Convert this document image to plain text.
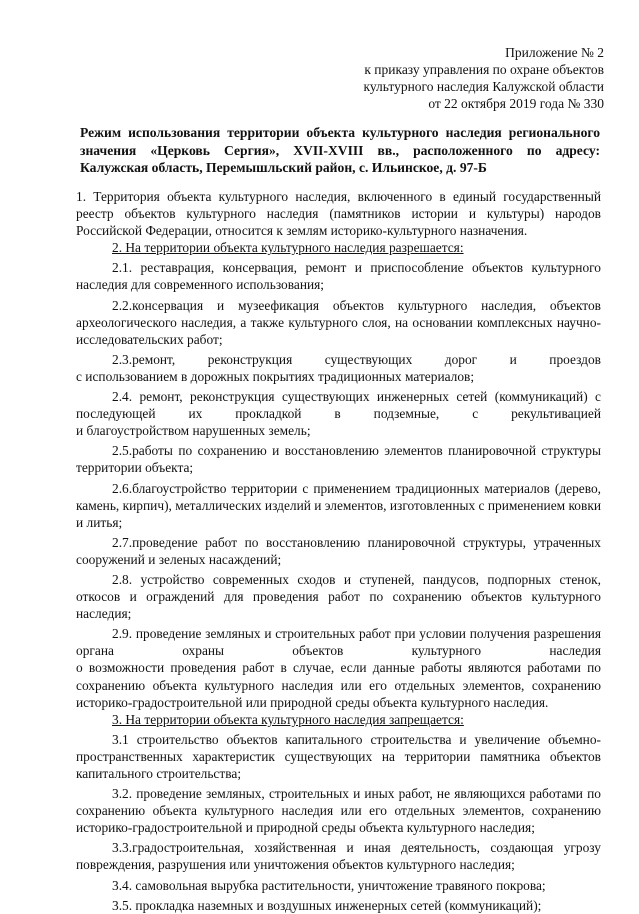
Приложение № 2
к приказу управления по охране объектов
культурного наследия Калужской области
от 22 октября 2019 года № 330
Режим использования территории объекта культурного наследия регионального
значения «Церковь Сергия», XVII-XVIII вв., расположенного по адресу:
Калужская область, Перемышльский район, с. Ильинское, д. 97-Б

1. Территория объекта культурного наследия, включенного в единый государственный реестр объектов культурного наследия (памятников истории и культуры) народов Российской Федерации, относится к землям историко-культурного назначения.

2. На территории объекта культурного наследия разрешается:

2.1. реставрация, консервация, ремонт и приспособление объектов культурного наследия для современного использования;

2.2.консервация и музеефикация объектов культурного наследия, объектов археологического наследия, а также культурного слоя, на основании комплексных научно-исследовательских работ;

2.3.ремонт, реконструкция существующих дорог и проездов

с использованием в дорожных покрытиях традиционных материалов;

2.4. ремонт, реконструкция существующих инженерных сетей (коммуникаций) с последующей их прокладкой в подземные, с рекультивацией

и благоустройством нарушенных земель;

2.5.работы по сохранению и восстановлению элементов планировочной структуры территории объекта;

2.6.благоустройство территории с применением традиционных материалов (дерево, камень, кирпич), металлических изделий и элементов, изготовленных с применением ковки и литья;

2.7.проведение работ по восстановлению планировочной структуры, утраченных сооружений и зеленых насаждений;

2.8. устройство современных сходов и ступеней, пандусов, подпорных стенок, откосов и ограждений для проведения работ по сохранению объектов культурного наследия;

2.9. проведение земляных и строительных работ при условии получения разрешения органа охраны объектов культурного наследия

о возможности проведения работ в случае, если данные работы являются работами по сохранению объекта культурного наследия или его отдельных элементов, сохранению историко-градостроительной или природной среды объекта культурного наследия.

3. На территории объекта культурного наследия запрещается:

3.1 строительство объектов капитального строительства и увеличение объемно-пространственных характеристик существующих на территории памятника объектов капитального строительства;

3.2. проведение земляных, строительных и иных работ, не являющихся работами по сохранению объекта культурного наследия или его отдельных элементов, сохранению историко-градостроительной и природной среды объекта культурного наследия;

3.3.градостроительная, хозяйственная и иная деятельность, создающая угрозу повреждения, разрушения или уничтожения объектов культурного наследия;

3.4. самовольная вырубка растительности, уничтожение травяного покрова;

3.5. прокладка наземных и воздушных инженерных сетей (коммуникаций);
